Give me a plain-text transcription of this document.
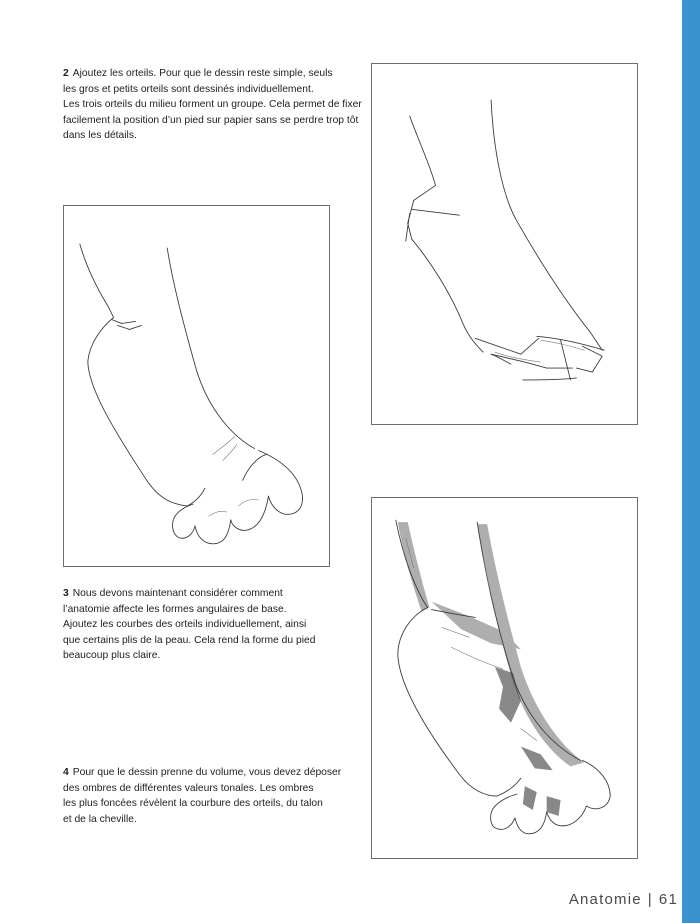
2 Ajoutez les orteils. Pour que le dessin reste simple, seuls

les gros et petits orteils sont dessinés individuellement.

Les trois orteils du milieu forment un groupe. Cela permet de fixer

facilement la position d’un pied sur papier sans se perdre trop tôt

dans les détails.

3 Nous devons maintenant considérer comment

l’anatomie affecte les formes angulaires de base.

Ajoutez les courbes des orteils individuellement, ainsi

que certains plis de la peau. Cela rend la forme du pied

beaucoup plus claire.

4 Pour que le dessin prenne du volume, vous devez déposer

des ombres de différentes valeurs tonales. Les ombres

les plus foncées révèlent la courbure des orteils, du talon

et de la cheville.

Anatomie | 61
